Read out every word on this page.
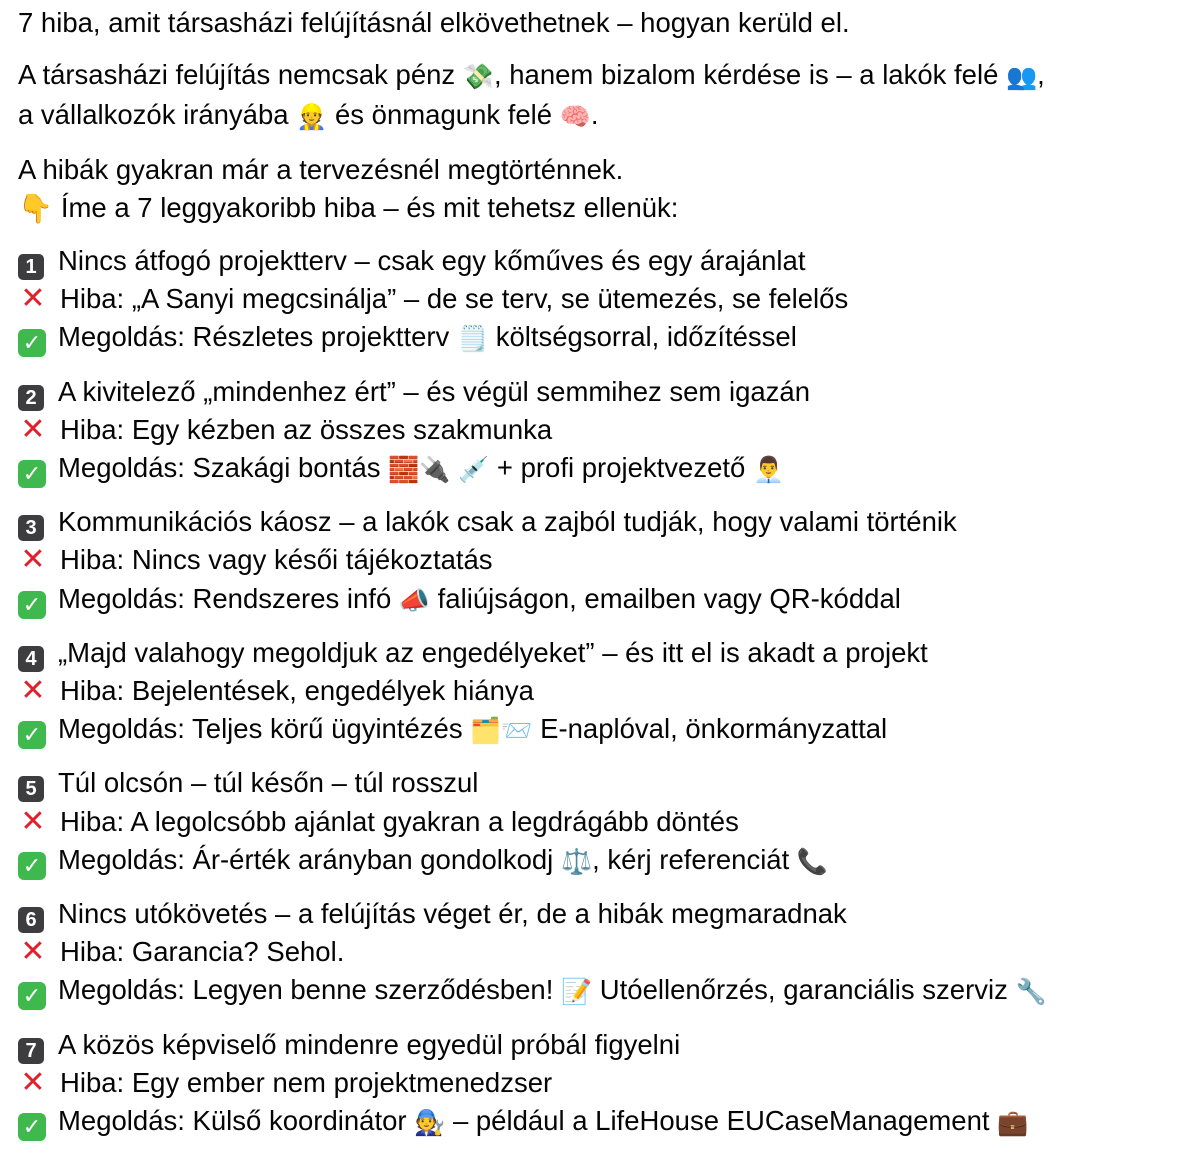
7 hiba, amit társasházi felújításnál elkövethetnek – hogyan kerüld el.
A társasházi felújítás nemcsak pénz 💸, hanem bizalom kérdése is – a lakók felé 👥,
a vállalkozók irányába 👷 és önmagunk felé 🧠.
A hibák gyakran már a tervezésnél megtörténnek.
👇 Íme a 7 leggyakoribb hiba – és mit tehetsz ellenük:
1 Nincs átfogó projektterv – csak egy kőműves és egy árajánlat
✕ Hiba: „A Sanyi megcsinálja” – de se terv, se ütemezés, se felelős
✓ Megoldás: Részletes projektterv 🗒️ költségsorral, időzítéssel
2 A kivitelező „mindenhez ért” – és végül semmihez sem igazán
✕ Hiba: Egy kézben az összes szakmunka
✓ Megoldás: Szakági bontás 🧱🔌 💉 + profi projektvezető 👨‍💼
3 Kommunikációs káosz – a lakók csak a zajból tudják, hogy valami történik
✕ Hiba: Nincs vagy késői tájékoztatás
✓ Megoldás: Rendszeres infó 📣 faliújságon, emailben vagy QR-kóddal
4 „Majd valahogy megoldjuk az engedélyeket” – és itt el is akadt a projekt
✕ Hiba: Bejelentések, engedélyek hiánya
✓ Megoldás: Teljes körű ügyintézés 🗂️📨 E-naplóval, önkormányzattal
5 Túl olcsón – túl későn – túl rosszul
✕ Hiba: A legolcsóbb ajánlat gyakran a legdrágább döntés
✓ Megoldás: Ár-érték arányban gondolkodj ⚖️, kérj referenciát 📞
6 Nincs utókövetés – a felújítás véget ér, de a hibák megmaradnak
✕ Hiba: Garancia? Sehol.
✓ Megoldás: Legyen benne szerződésben! 📝 Utóellenőrzés, garanciális szerviz 🔧
7 A közös képviselő mindenre egyedül próbál figyelni
✕ Hiba: Egy ember nem projektmenedzser
✓ Megoldás: Külső koordinátor 🧑‍🔧 – például a LifeHouse EUCaseManagement 💼
